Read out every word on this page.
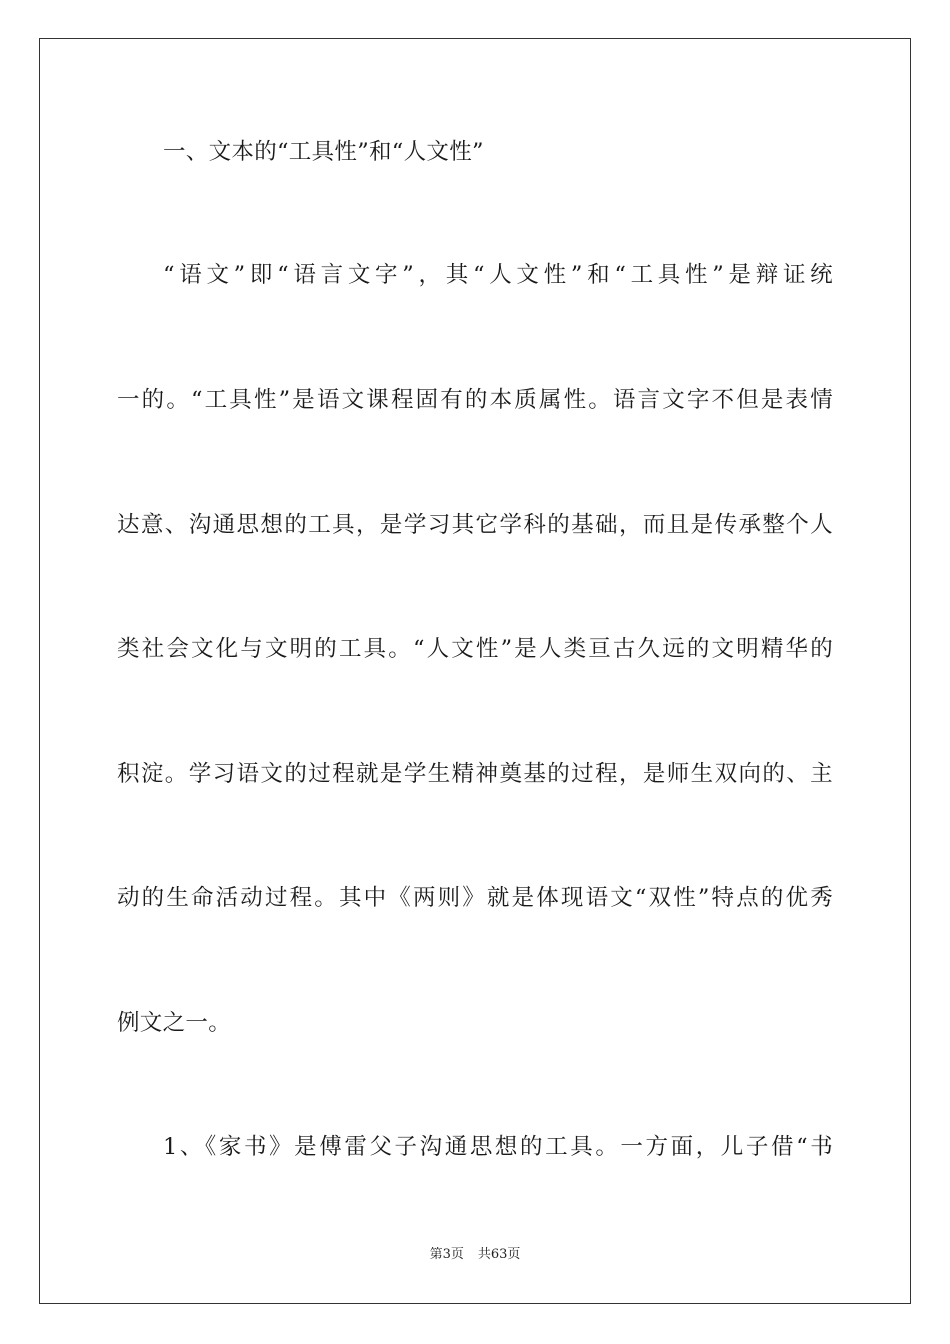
一、文本的“工具性”和“人文性”
“语文”即“语言文字”，其“人文性”和“工具性”是辩证统
一的。“工具性”是语文课程固有的本质属性。语言文字不但是表情
达意、沟通思想的工具，是学习其它学科的基础，而且是传承整个人
类社会文化与文明的工具。“人文性”是人类亘古久远的文明精华的
积淀。学习语文的过程就是学生精神奠基的过程，是师生双向的、主
动的生命活动过程。其中《两则》就是体现语文“双性”特点的优秀
例文之一。
1、《家书》是傅雷父子沟通思想的工具。一方面，儿子借“书
第3页 共63页
